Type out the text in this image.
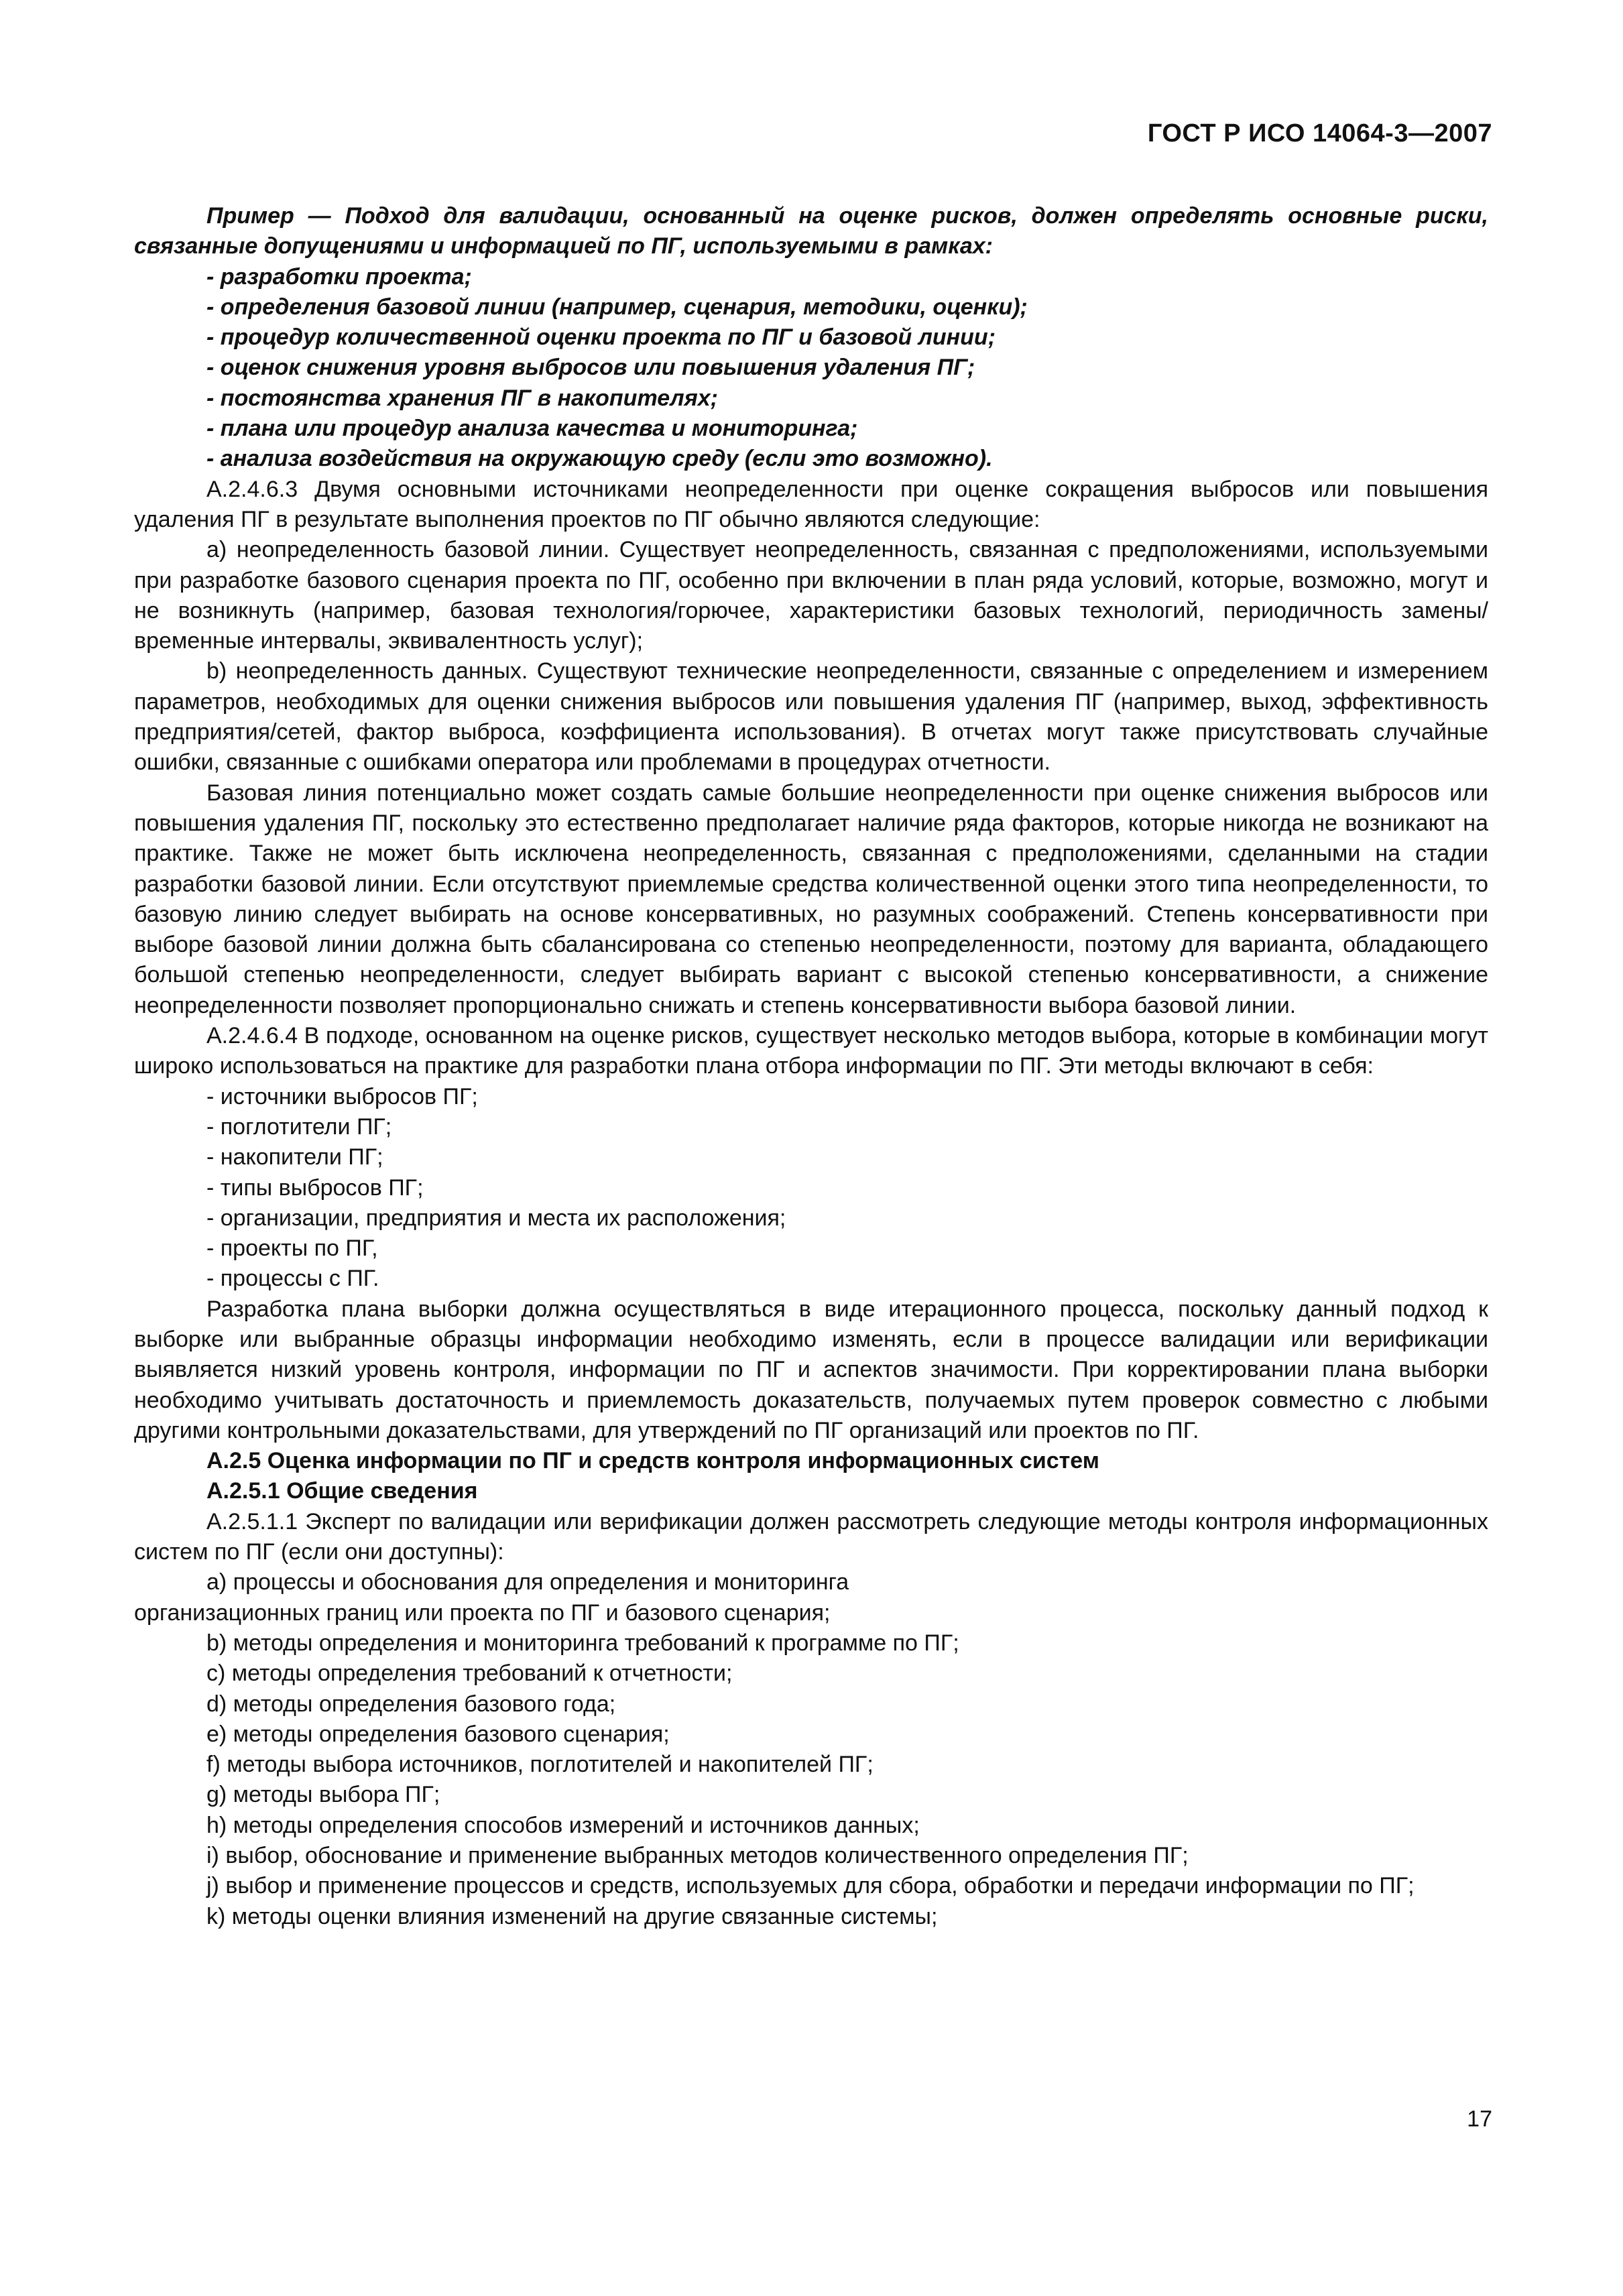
ГОСТ Р ИСО 14064-3—2007

Пример — Подход для валидации, основанный на оценке рисков, должен определять основные риски, связанные допущениями и информацией по ПГ, используемыми в рамках:

- разработки проекта;

- определения базовой линии (например, сценария, методики, оценки);

- процедур количественной оценки проекта по ПГ и базовой линии;

- оценок снижения уровня выбросов или повышения удаления ПГ;

- постоянства хранения ПГ в накопителях;

- плана или процедур анализа качества и мониторинга;

- анализа воздействия на окружающую среду (если это возможно).

А.2.4.6.3 Двумя основными источниками неопределенности при оценке сокращения выбросов или повышения удаления ПГ в результате выполнения проектов по ПГ обычно являются следующие:

а) неопределенность базовой линии. Существует неопределенность, связанная с предположениями, используемыми при разработке базового сценария проекта по ПГ, особенно при включении в план ряда условий, которые, возможно, могут и не возникнуть (например, базовая технология/горючее, характеристики базовых технологий, периодичность замены/временные интервалы, эквивалентность услуг);

b) неопределенность данных. Существуют технические неопределенности, связанные с определением и измерением параметров, необходимых для оценки снижения выбросов или повышения удаления ПГ (например, выход, эффективность предприятия/сетей, фактор выброса, коэффициента использования). В отчетах могут также присутствовать случайные ошибки, связанные с ошибками оператора или проблемами в процедурах отчетности.

Базовая линия потенциально может создать самые большие неопределенности при оценке снижения выбросов или повышения удаления ПГ, поскольку это естественно предполагает наличие ряда факторов, которые никогда не возникают на практике. Также не может быть исключена неопределенность, связанная с предположениями, сделанными на стадии разработки базовой линии. Если отсутствуют приемлемые средства количественной оценки этого типа неопределенности, то базовую линию следует выбирать на основе консервативных, но разумных соображений. Степень консервативности при выборе базовой линии должна быть сбалансирована со степенью неопределенности, поэтому для варианта, обладающего большой степенью неопределенности, следует выбирать вариант с высокой степенью консервативности, а снижение неопределенности позволяет пропорционально снижать и степень консервативности выбора базовой линии.

А.2.4.6.4 В подходе, основанном на оценке рисков, существует несколько методов выбора, которые в комбинации могут широко использоваться на практике для разработки плана отбора информации по ПГ. Эти методы включают в себя:

- источники выбросов ПГ;

- поглотители ПГ;

- накопители ПГ;

- типы выбросов ПГ;

- организации, предприятия и места их расположения;

- проекты по ПГ,

- процессы с ПГ.

Разработка плана выборки должна осуществляться в виде итерационного процесса, поскольку данный подход к выборке или выбранные образцы информации необходимо изменять, если в процессе валидации или верификации выявляется низкий уровень контроля, информации по ПГ и аспектов значимости. При корректировании плана выборки необходимо учитывать достаточность и приемлемость доказательств, получаемых путем проверок совместно с любыми другими контрольными доказательствами, для утверждений по ПГ организаций или проектов по ПГ.

А.2.5 Оценка информации по ПГ и средств контроля информационных систем

А.2.5.1 Общие сведения

А.2.5.1.1 Эксперт по валидации или верификации должен рассмотреть следующие методы контроля информационных систем по ПГ (если они доступны):

а) процессы и обоснования для определения и мониторинга

организационных границ или проекта по ПГ и базового сценария;

b) методы определения и мониторинга требований к программе по ПГ;

с) методы определения требований к отчетности;

d) методы определения базового года;

е) методы определения базового сценария;

f) методы выбора источников, поглотителей и накопителей ПГ;

g) методы выбора ПГ;

h) методы определения способов измерений и источников данных;

i) выбор, обоснование и применение выбранных методов количественного определения ПГ;

j) выбор и применение процессов и средств, используемых для сбора, обработки и передачи информации по ПГ;

k) методы оценки влияния изменений на другие связанные системы;

17
